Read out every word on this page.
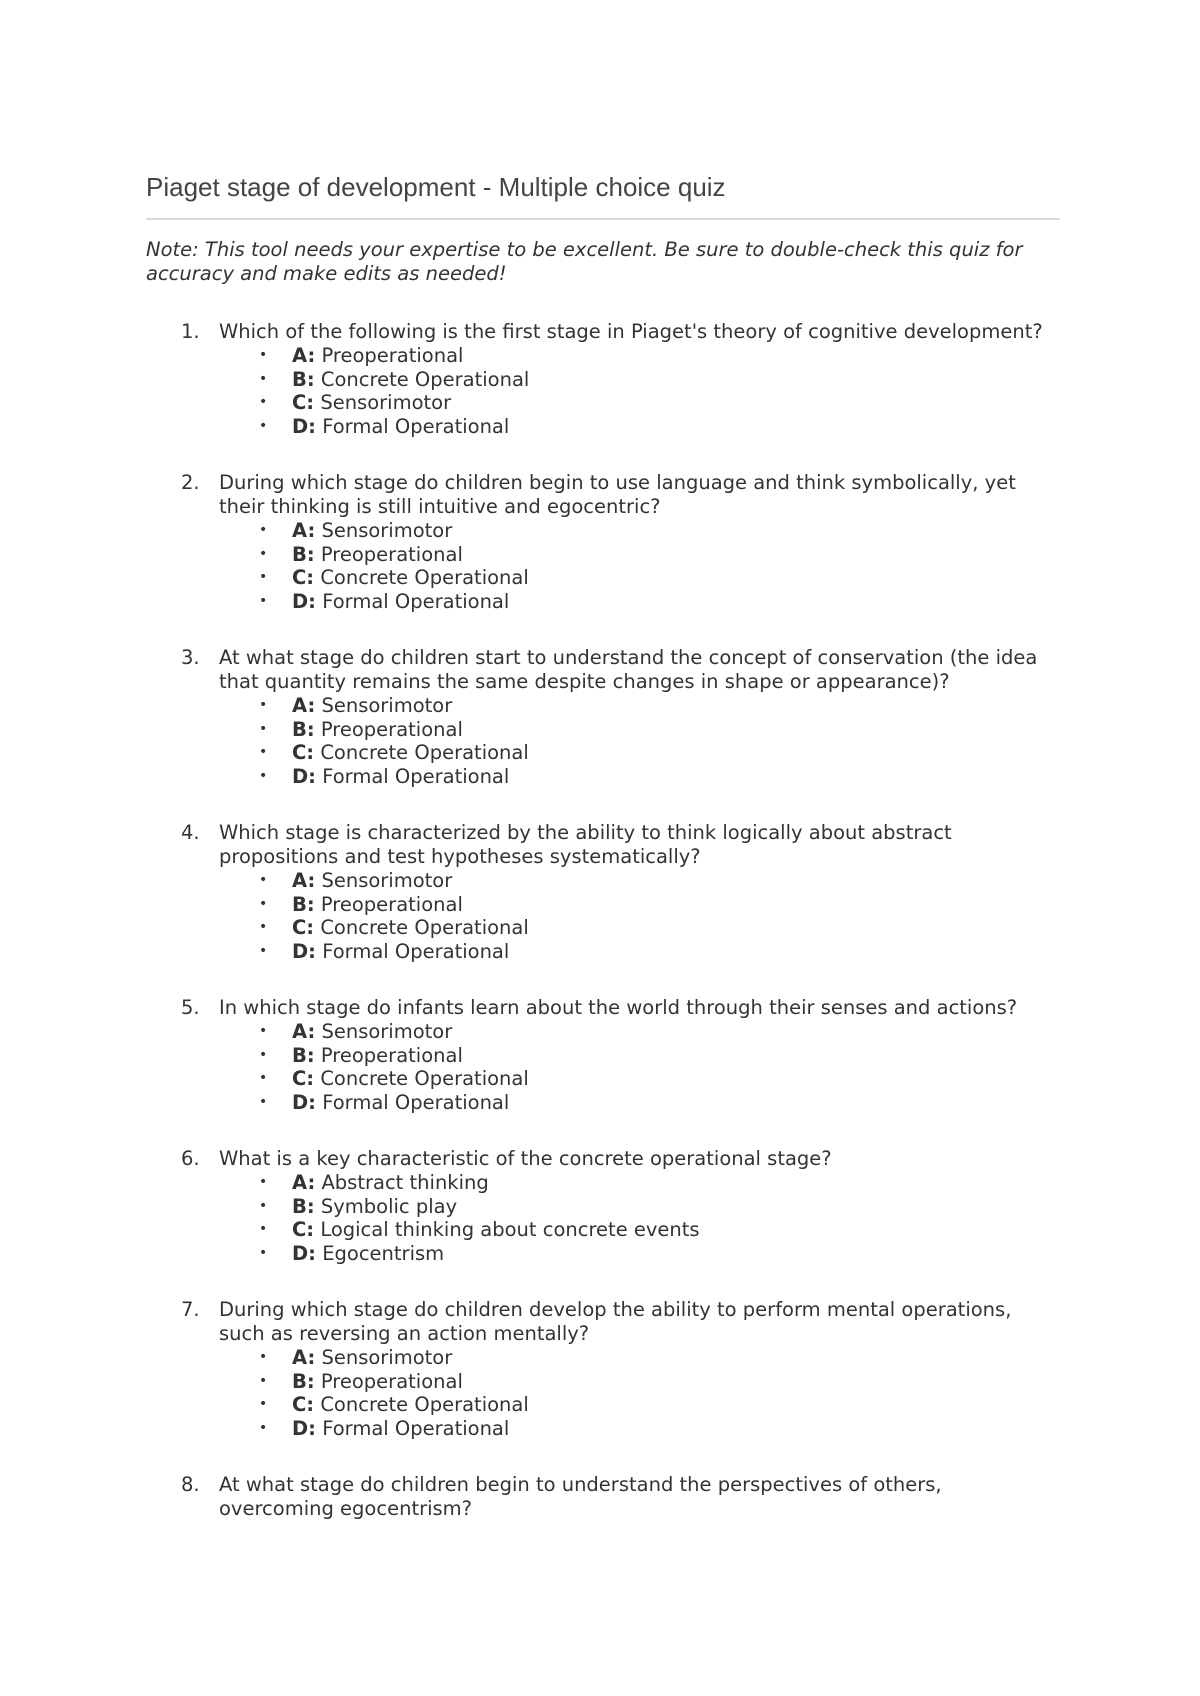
Piaget stage of development - Multiple choice quiz

Note: This tool needs your expertise to be excellent. Be sure to double-check this quiz for accuracy and make edits as needed!

1. Which of the following is the first stage in Piaget's theory of cognitive development?
• A: Preoperational
• B: Concrete Operational
• C: Sensorimotor
• D: Formal Operational
2. During which stage do children begin to use language and think symbolically, yet their thinking is still intuitive and egocentric?
• A: Sensorimotor
• B: Preoperational
• C: Concrete Operational
• D: Formal Operational
3. At what stage do children start to understand the concept of conservation (the idea that quantity remains the same despite changes in shape or appearance)?
• A: Sensorimotor
• B: Preoperational
• C: Concrete Operational
• D: Formal Operational
4. Which stage is characterized by the ability to think logically about abstract propositions and test hypotheses systematically?
• A: Sensorimotor
• B: Preoperational
• C: Concrete Operational
• D: Formal Operational
5. In which stage do infants learn about the world through their senses and actions?
• A: Sensorimotor
• B: Preoperational
• C: Concrete Operational
• D: Formal Operational
6. What is a key characteristic of the concrete operational stage?
• A: Abstract thinking
• B: Symbolic play
• C: Logical thinking about concrete events
• D: Egocentrism
7. During which stage do children develop the ability to perform mental operations, such as reversing an action mentally?
• A: Sensorimotor
• B: Preoperational
• C: Concrete Operational
• D: Formal Operational
8. At what stage do children begin to understand the perspectives of others, overcoming egocentrism?
